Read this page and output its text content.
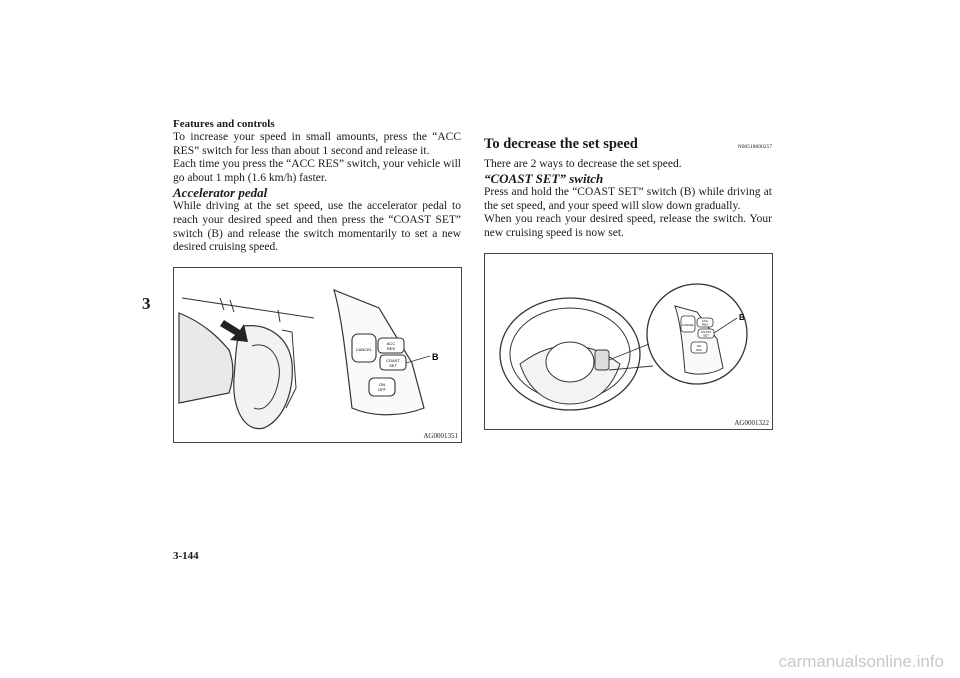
Features and controls
3

To increase your speed in small amounts, press the “ACC RES” switch for less than about 1 second and release it.

Each time you press the “ACC RES” switch, your vehicle will go about 1 mph (1.6 km/h) faster.

Accelerator pedal

While driving at the set speed, use the accelerator pedal to reach your desired speed and then press the “COAST SET” switch (B) and release the switch momentarily to set a new desired cruising speed.

CANCEL
ACC
RES
COAST
SET
ON
OFF
B
AG0001351
To decrease the set speed	N00518600257

There are 2 ways to decrease the set speed.

“COAST SET” switch

Press and hold the “COAST SET” switch (B) while driving at the set speed, and your speed will slow down gradually.

When you reach your desired speed, release the switch. Your new cruising speed is now set.

CANCEL
ACC
RES
COAST
SET
ON
OFF
B
AG0001322
3-144
carmanualsonline.info
